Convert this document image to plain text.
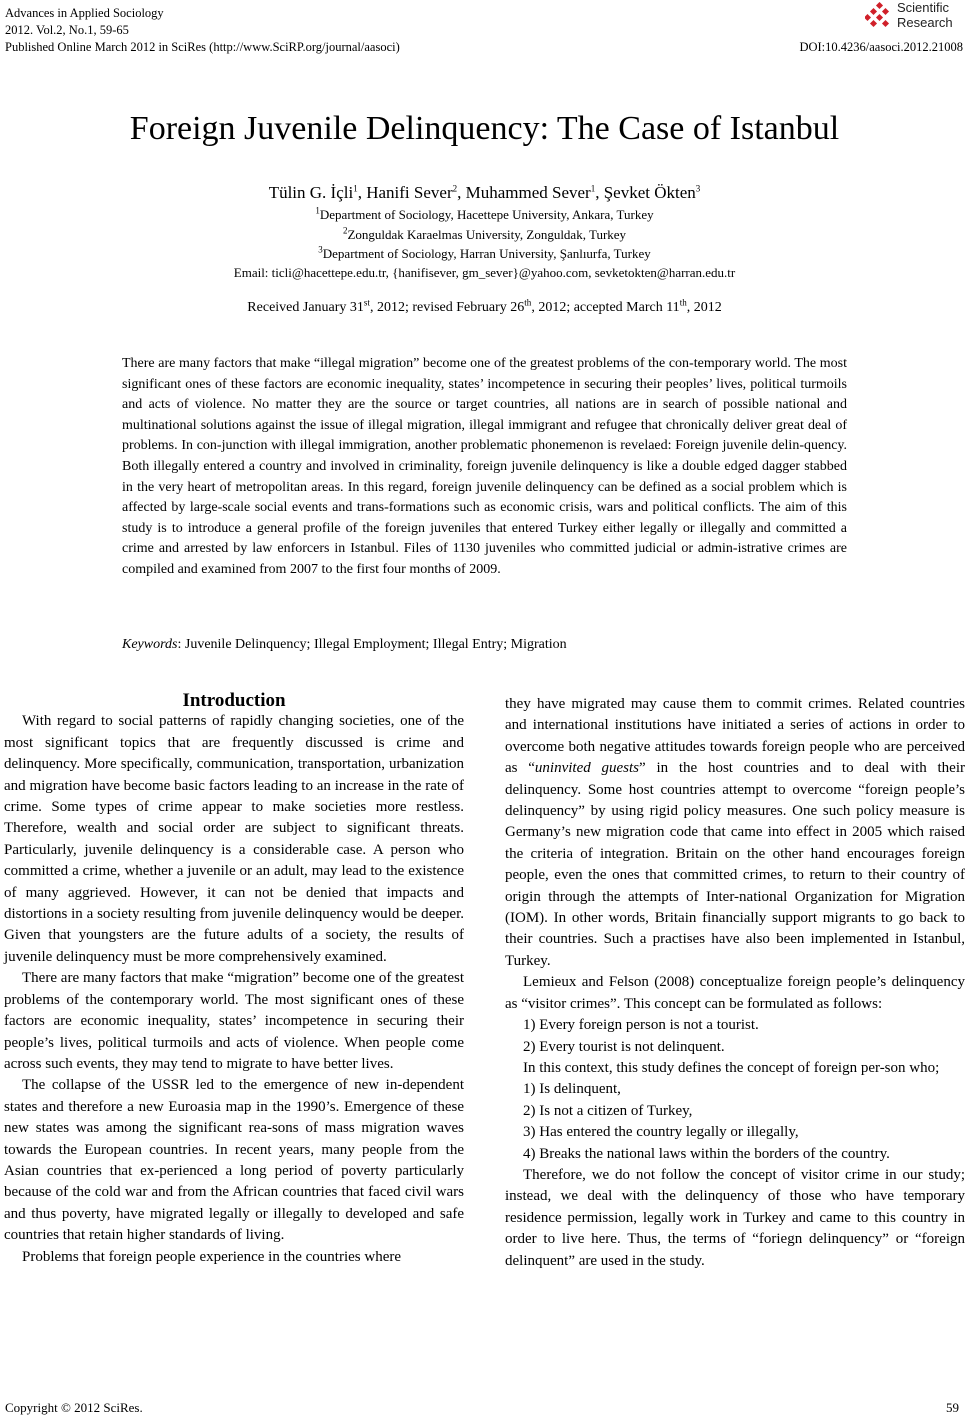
Advances in Applied Sociology
2012. Vol.2, No.1, 59-65
Published Online March 2012 in SciRes (http://www.SciRP.org/journal/aasoci)	DOI:10.4236/aasoci.2012.21008
Scientific
Research
Foreign Juvenile Delinquency: The Case of Istanbul
Tülin G. İçli$^1$, Hanifi Sever$^2$, Muhammed Sever$^1$, Şevket Ökten$^3$
$^1$Department of Sociology, Hacettepe University, Ankara, Turkey
$^2$Zonguldak Karaelmas University, Zonguldak, Turkey
$^3$Department of Sociology, Harran University, Şanlıurfa, Turkey
Email: ticli@hacettepe.edu.tr, {hanifisever, gm_sever}@yahoo.com, sevketokten@harran.edu.tr
Received January 31st, 2012; revised February 26th, 2012; accepted March 11th, 2012
There are many factors that make “illegal migration” become one of the greatest problems of the con-temporary world. The most significant ones of these factors are economic inequality, states’ incompetence in securing their peoples’ lives, political turmoils and acts of violence. No matter they are the source or target countries, all nations are in search of possible national and multinational solutions against the issue of illegal migration, illegal immigrant and refugee that chronically deliver great deal of problems. In con-junction with illegal immigration, another problematic phonemenon is revelaed: Foreign juvenile delin-quency. Both illegally entered a country and involved in criminality, foreign juvenile delinquency is like a double edged dagger stabbed in the very heart of metropolitan areas. In this regard, foreign juvenile delinquency can be defined as a social problem which is affected by large-scale social events and trans-formations such as economic crisis, wars and political conflicts. The aim of this study is to introduce a general profile of the foreign juveniles that entered Turkey either legally or illegally and committed a crime and arrested by law enforcers in Istanbul. Files of 1130 juveniles who committed judicial or admin-istrative crimes are compiled and examined from 2007 to the first four months of 2009.
Keywords: Juvenile Delinquency; Illegal Employment; Illegal Entry; Migration

Introduction

With regard to social patterns of rapidly changing societies, one of the most significant topics that are frequently discussed is crime and delinquency. More specifically, communication, transportation, urbanization and migration have become basic factors leading to an increase in the rate of crime. Some types of crime appear to make societies more restless. Therefore, wealth and social order are subject to significant threats. Particularly, juvenile delinquency is a considerable case. A person who committed a crime, whether a juvenile or an adult, may lead to the existence of many aggrieved. However, it can not be denied that impacts and distortions in a society resulting from juvenile delinquency would be deeper. Given that youngsters are the future adults of a society, the results of juvenile delinquency must be more comprehensively examined.

There are many factors that make “migration” become one of the greatest problems of the contemporary world. The most significant ones of these factors are economic inequality, states’ incompetence in securing their people’s lives, political turmoils and acts of violence. When people come across such events, they may tend to migrate to have better lives.

The collapse of the USSR led to the emergence of new in-dependent states and therefore a new Euroasia map in the 1990’s. Emergence of these new states was among the significant rea-sons of mass migration waves towards the European countries. In recent years, many people from the Asian countries that ex-perienced a long period of poverty particularly because of the cold war and from the African countries that faced civil wars and thus poverty, have migrated legally or illegally to developed and safe countries that retain higher standards of living.

Problems that foreign people experience in the countries where

they have migrated may cause them to commit crimes. Related countries and international institutions have initiated a series of actions in order to overcome both negative attitudes towards foreign people who are perceived as “uninvited guests” in the host countries and to deal with their delinquency. Some host countries attempt to overcome “foreign people’s delinquency” by using rigid policy measures. One such policy measure is Germany’s new migration code that came into effect in 2005 which raised the criteria of integration. Britain on the other hand encourages foreign people, even the ones that committed crimes, to return to their country of origin through the attempts of Inter-national Organization for Migration (IOM). In other words, Britain financially support migrants to go back to their countries. Such a practises have also been implemented in Istanbul, Turkey.

Lemieux and Felson (2008) conceptualize foreign people’s delinquency as “visitor crimes”. This concept can be formulated as follows:

1) Every foreign person is not a tourist.

2) Every tourist is not delinquent.

In this context, this study defines the concept of foreign per-son who;

1) Is delinquent,

2) Is not a citizen of Turkey,

3) Has entered the country legally or illegally,

4) Breaks the national laws within the borders of the country.

Therefore, we do not follow the concept of visitor crime in our study; instead, we deal with the delinquency of those who have temporary residence permission, legally work in Turkey and came to this country in order to live here. Thus, the terms of “foriegn delinquency” or “foreign delinquent” are used in the study.

Copyright © 2012 SciRes.	59
